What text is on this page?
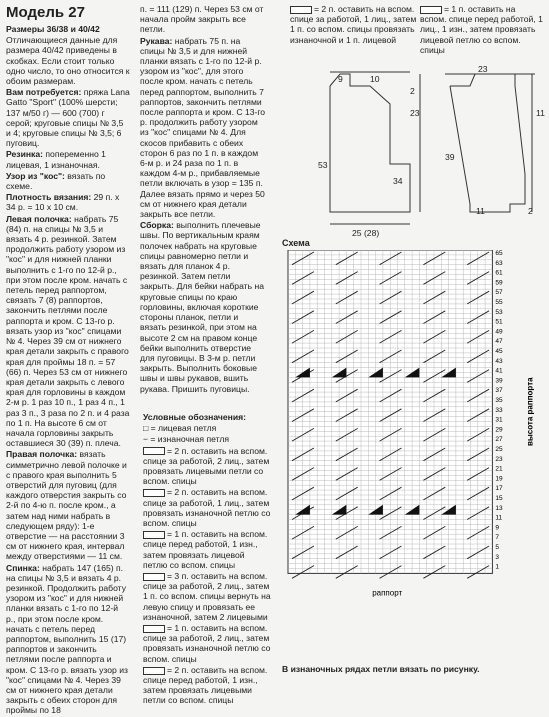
Модель 27

Размеры 36/38 и 40/42

Отличающиеся данные для размера 40/42 приведены в скобках. Если стоит только одно число, то оно относится к обоим размерам.

Вам потребуется: пряжа Lana Gatto "Sport" (100% шерсти; 137 м/50 г) — 600 (700) г серой; круговые спицы № 3,5 и 4; круговые спицы № 3,5; 6 пуговиц.

Резинка: попеременно 1 лицевая, 1 изнаночная.

Узор из "кос": вязать по схеме.

Плотность вязания: 29 п. x 34 р. = 10 x 10 см.

Левая полочка: набрать 75 (84) п. на спицы № 3,5 и вязать 4 р. резинкой. Затем продолжить работу узором из "кос" и для нижней планки выполнить с 1-го по 12-й р., при этом после кром. начать с петель перед раппортом, связать 7 (8) раппортов, закончить петлями после раппорта и кром. С 13-го р. вязать узор из "кос" спицами № 4. Через 39 см от нижнего края детали закрыть с правого края для проймы 18 п. = 57 (66) п. Через 53 см от нижнего края детали закрыть с левого края для горловины в каждом 2-м р. 1 раз 10 п., 1 раз 4 п., 1 раз 3 п., 3 раза по 2 п. и 4 раза по 1 п. На высоте 6 см от начала горловины закрыть оставшиеся 30 (39) п. плеча.

Правая полочка: вязать симметрично левой полочке и с правого края выполнить 5 отверстий для пуговиц (для каждого отверстия закрыть со 2-й по 4-ю п. после кром., а затем над ними набрать в следующем ряду): 1-е отверстие — на расстоянии 3 см от нижнего края, интервал между отверстиями — 11 см.

Спинка: набрать 147 (165) п. на спицы № 3,5 и вязать 4 р. резинкой. Продолжить работу узором из "кос" и для нижней планки вязать с 1-го по 12-й р., при этом после кром. начать с петель перед раппортом, выполнить 15 (17) раппортов и закончить петлями после раппорта и кром. С 13-го р. вязать узор из "кос" спицами № 4. Через 39 см от нижнего края детали закрыть с обеих сторон для проймы по 18

п. = 111 (129) п. Через 53 см от начала пройм закрыть все петли.

Рукава: набрать 75 п. на спицы № 3,5 и для нижней планки вязать с 1-го по 12-й р. узором из "кос", для этого после кром. начать с петель перед раппортом, выполнить 7 раппортов, закончить петлями после раппорта и кром. С 13-го р. продолжить работу узором из "кос" спицами № 4. Для скосов прибавить с обеих сторон 6 раз по 1 п. в каждом 6-м р. и 24 раза по 1 п. в каждом 4-м р., прибавляемые петли включать в узор = 135 п. Далее вязать прямо и через 50 см от нижнего края детали закрыть все петли.

Сборка: выполнить плечевые швы. По вертикальным краям полочек набрать на круговые спицы равномерно петли и вязать для планок 4 р. резинкой. Затем петли закрыть. Для бейки набрать на круговые спицы по краю горловины, включая короткие стороны планок, петли и вязать резинкой, при этом на высоте 2 см на правом конце бейки выполнить отверстие для пуговицы. В 3-м р. петли закрыть. Выполнить боковые швы и швы рукавов, вшить рукава. Пришить пуговицы.

Условные обозначения:

□ = лицевая петля

− = изнаночная петля

= 2 п. оставить на вспом. спице за работой, 2 лиц., затем провязать лицевыми петли со вспом. спицы

= 2 п. оставить на вспом. спице за работой, 1 лиц., затем провязать изнаночной петлю со вспом. спицы

= 1 п. оставить на вспом. спице перед работой, 1 изн., затем провязать лицевой петлю со вспом. спицы

= 3 п. оставить на вспом. спице за работой, 2 лиц., затем 1 п. со вспом. спицы вернуть на левую спицу и провязать ее изнаночной, затем 2 лицевыми

= 1 п. оставить на вспом. спице за работой, 2 лиц., затем провязать изнаночной петлю со вспом. спицы

= 2 п. оставить на вспом. спице перед работой, 1 изн., затем провязать лицевыми петли со вспом. спицы

= 2 п. оставить на вспом. спице за работой, 1 лиц., затем 1 п. со вспом. спицы провязать изнаночной и 1 п. лицевой
= 1 п. оставить на вспом. спице перед работой, 1 лиц., 1 изн., затем провязать лицевой петлю со вспом. спицы
9	10
2
23
53
34
25 (28)
23
11
39
11	2
Схема
65
63
61
59
57
55
53
51
49
47
45
43
41
39
37
35
33
31
29
27
25
23
21
19
17
15
13
11
9
7
5
3
1
раппорт
высота раппорта
В изнаночных рядах петли вязать по рисунку.
